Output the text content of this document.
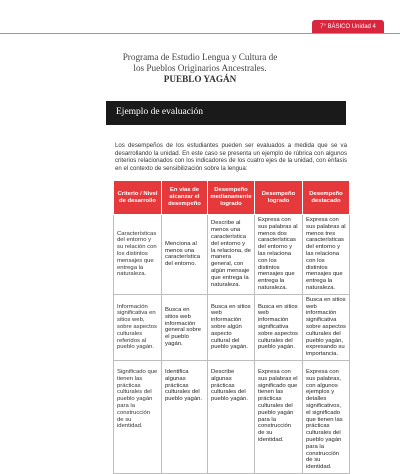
7° BÁSICO Unidad 4
Programa de Estudio Lengua y Cultura de
los Pueblos Originarios Ancestrales.
PUEBLO YAGÁN
Ejemplo de evaluación

Los desempeños de los estudiantes pueden ser evaluados a medida que se va desarrollando la unidad. En este caso se presenta un ejemplo de rúbrica con algunos criterios relacionados con los indicadores de los cuatro ejes de la unidad, con énfasis en el contexto de sensibilización sobre la lengua:

Criterio / Nivel de desarrollo	En vías de alcanzar el desempeño	Desempeño medianamente logrado	Desempeño logrado	Desempeño destacado
Características del entorno y su relación con los distintos mensajes que entrega la naturaleza.	Menciona al menos una característica del entorno.	Describe al menos una característica del entorno y la relaciona, de manera general, con algún mensaje que entrega la naturaleza.	Expresa con sus palabras al menos dos características del entorno y las relaciona con los distintos mensajes que entrega la naturaleza.	Expresa con sus palabras al menos tres características del entorno y las relaciona con los distintos mensajes que entrega la naturaleza.
Información significativa en sitios web, sobre aspectos culturales referidos al pueblo yagán.	Busca en sitios web información general sobre el pueblo yagán.	Busca en sitios web información sobre algún aspecto cultural del pueblo yagán.	Busca en sitios web información significativa sobre aspectos culturales del pueblo yagán.	Busca en sitios web información significativa sobre aspectos culturales del pueblo yagán, expresando su importancia.
Significado que tienen las prácticas culturales del pueblo yagán para la construcción de su identidad.	Identifica algunas prácticas culturales del pueblo yagán.	Describe algunas prácticas culturales del pueblo yagán.	Expresa con sus palabras el significado que tienen las prácticas culturales del pueblo yagán para la construcción de su identidad.	Expresa con sus palabras, con algunos ejemplos y detalles significativos, el significado que tienen las prácticas culturales del pueblo yagán para la construcción de su identidad.
